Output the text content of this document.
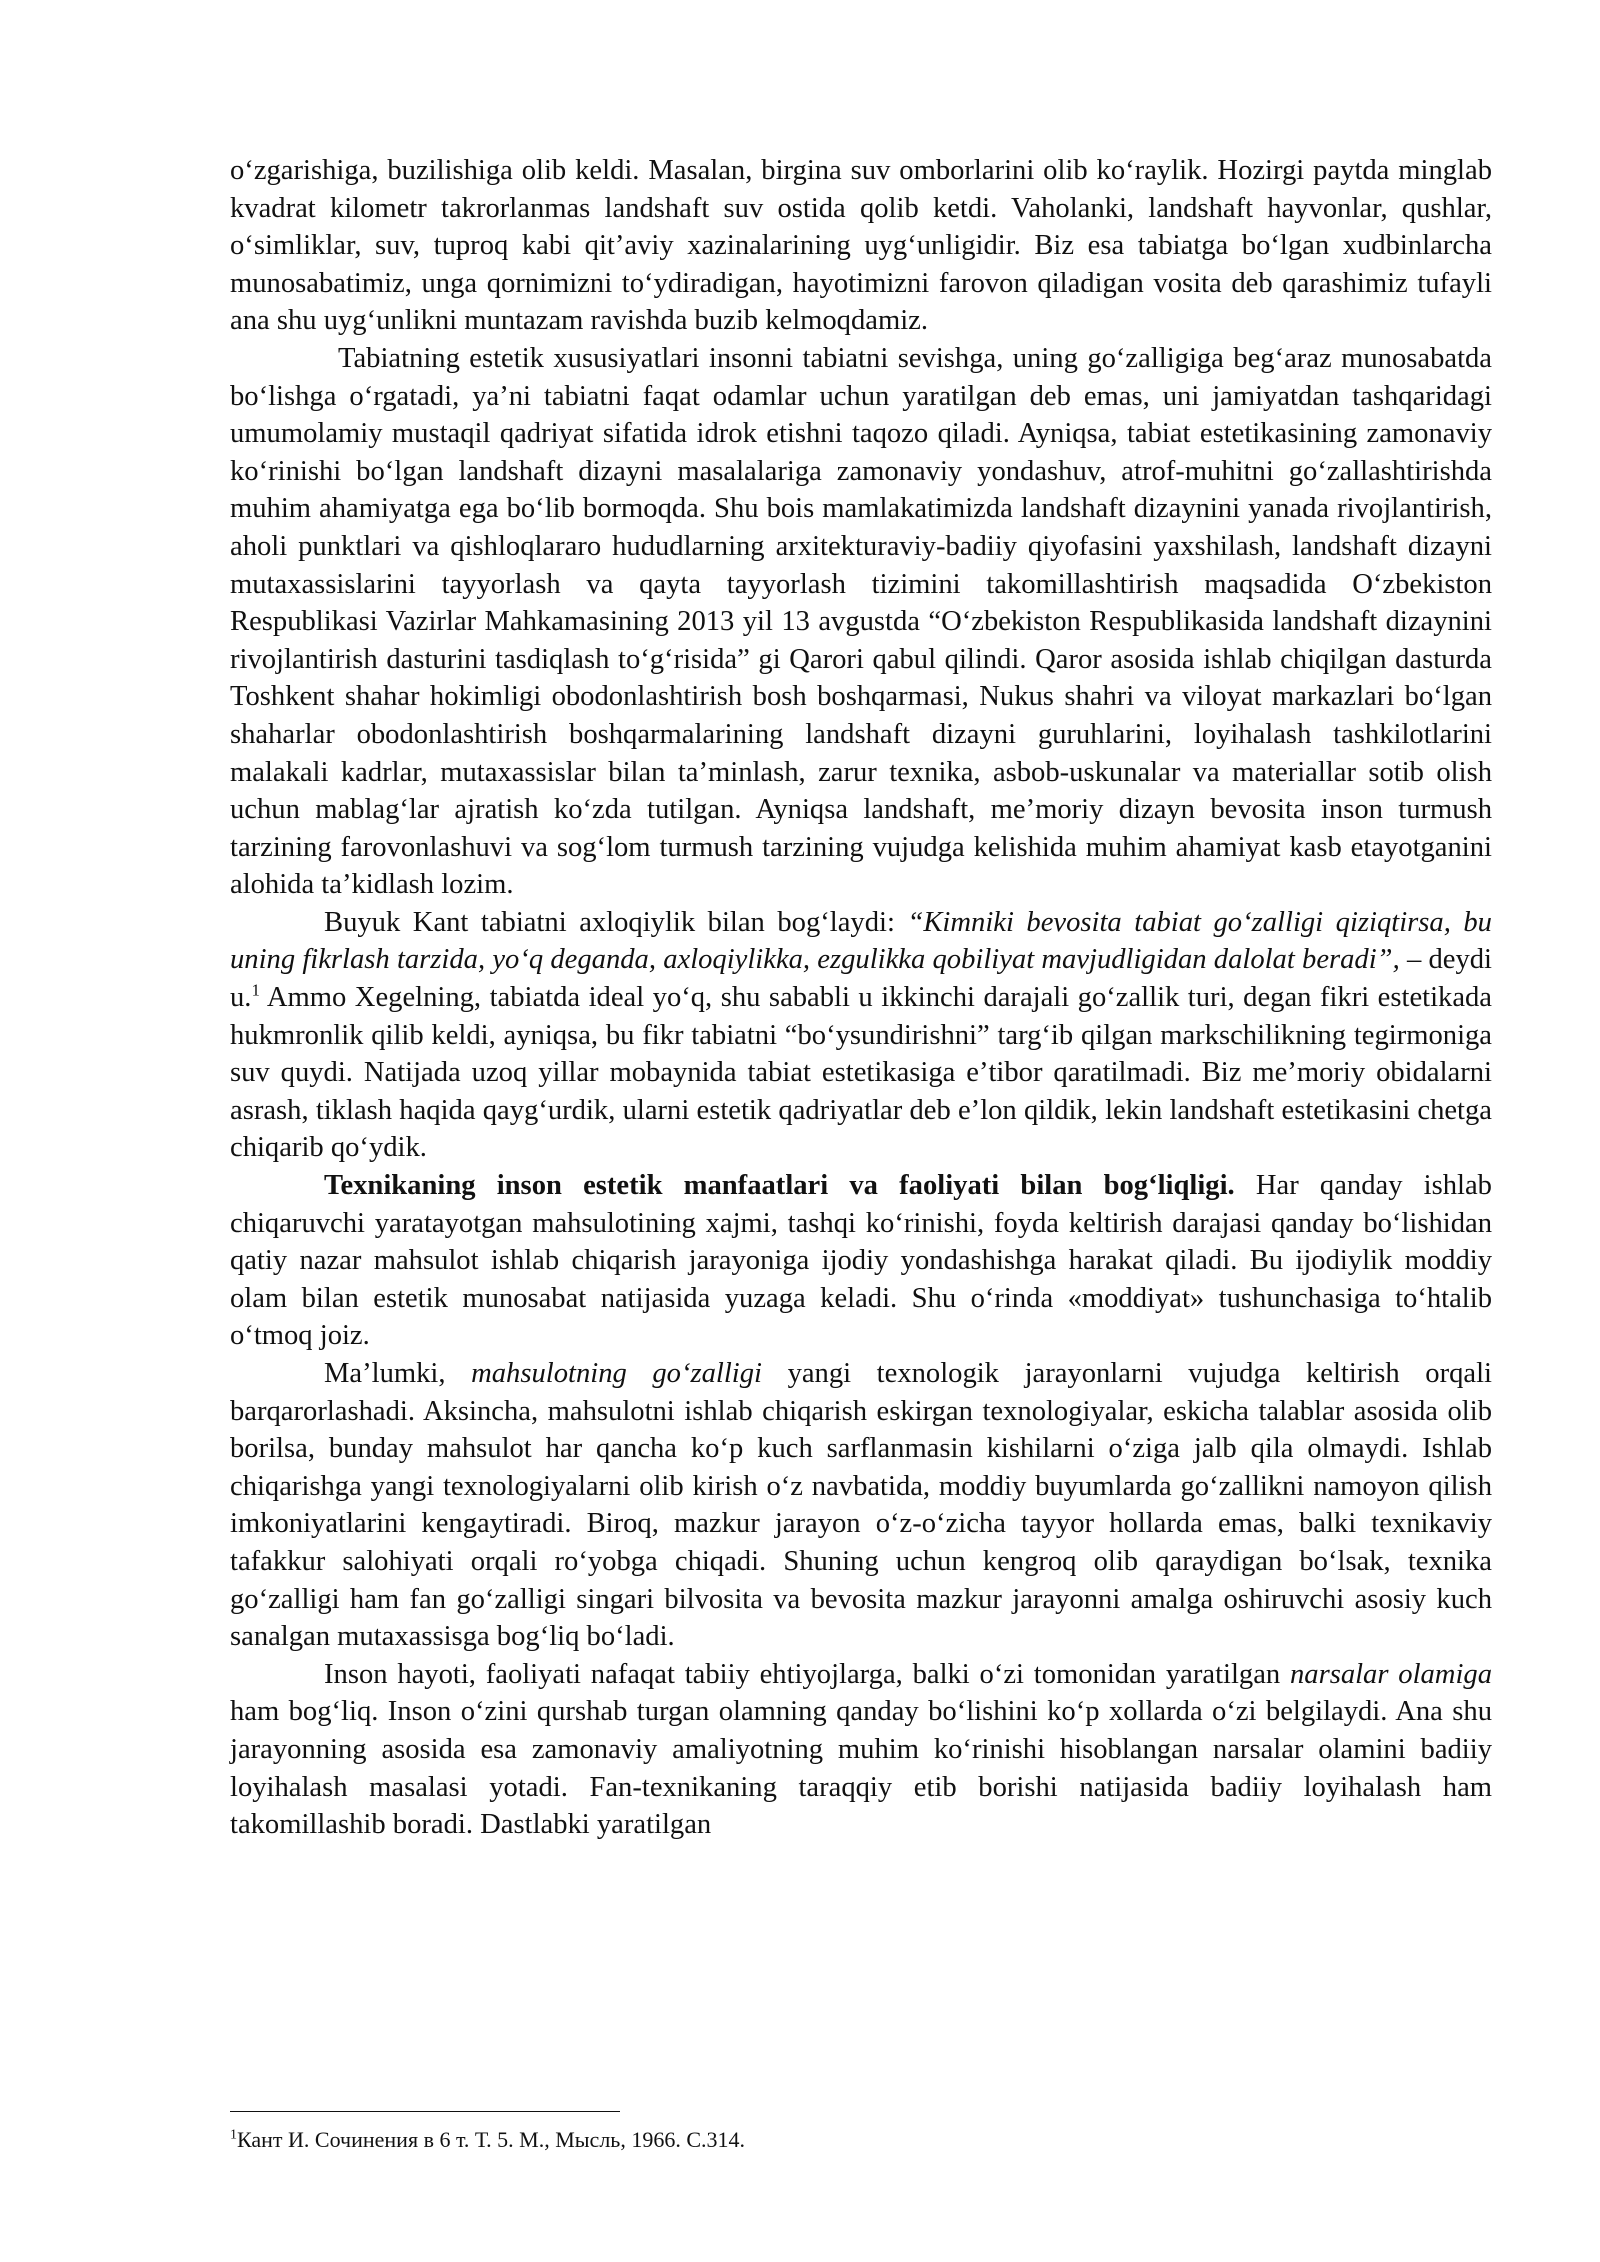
oʻzgarishiga, buzilishiga olib keldi. Masalan, birgina suv omborlarini olib koʻraylik. Hozirgi paytda minglab kvadrat kilometr takrorlanmas landshaft suv ostida qolib ketdi. Vaholanki, landshaft hayvonlar, qushlar, oʻsimliklar, suv, tuproq kabi qitʼaviy xazinalarining uygʻunligidir. Biz esa tabiatga boʻlgan xudbinlarcha munosabatimiz, unga qornimizni toʻydiradigan, hayotimizni farovon qiladigan vosita deb qarashimiz tufayli ana shu uygʻunlikni muntazam ravishda buzib kelmoqdamiz.

Tabiatning estetik xususiyatlari insonni tabiatni sevishga, uning goʻzalligiga begʻaraz munosabatda boʻlishga oʻrgatadi, yaʼni tabiatni faqat odamlar uchun yaratilgan deb emas, uni jamiyatdan tashqaridagi umumolamiy mustaqil qadriyat sifatida idrok etishni taqozo qiladi. Ayniqsa, tabiat estetikasining zamonaviy koʻrinishi boʻlgan landshaft dizayni masalalariga zamonaviy yondashuv, atrof-muhitni goʻzallashtirishda muhim ahamiyatga ega boʻlib bormoqda. Shu bois mamlakatimizda landshaft dizaynini yanada rivojlantirish, aholi punktlari va qishloqlararo hududlarning arxitekturaviy-badiiy qiyofasini yaxshilash, landshaft dizayni mutaxassislarini tayyorlash va qayta tayyorlash tizimini takomillashtirish maqsadida Oʻzbekiston Respublikasi Vazirlar Mahkamasining 2013 yil 13 avgustda “Oʻzbekiston Respublikasida landshaft dizaynini rivojlantirish dasturini tasdiqlash toʻgʻrisida” gi Qarori qabul qilindi. Qaror asosida ishlab chiqilgan dasturda Toshkent shahar hokimligi obodonlashtirish bosh boshqarmasi, Nukus shahri va viloyat markazlari boʻlgan shaharlar obodonlashtirish boshqarmalarining landshaft dizayni guruhlarini, loyihalash tashkilotlarini malakali kadrlar, mutaxassislar bilan taʼminlash, zarur texnika, asbob-uskunalar va materiallar sotib olish uchun mablagʻlar ajratish koʻzda tutilgan. Ayniqsa landshaft, meʼmoriy dizayn bevosita inson turmush tarzining farovonlashuvi va sogʻlom turmush tarzining vujudga kelishida muhim ahamiyat kasb etayotganini alohida taʼkidlash lozim.

Buyuk Kant tabiatni axloqiylik bilan bogʻlaydi: “Kimniki bevosita tabiat goʻzalligi qiziqtirsa, bu uning fikrlash tarzida, yoʻq deganda, axloqiylikka, ezgulikka qobiliyat mavjudligidan dalolat beradi”, – deydi u.$^1$ Ammo Xegelning, tabiatda ideal yoʻq, shu sababli u ikkinchi darajali goʻzallik turi, degan fikri estetikada hukmronlik qilib keldi, ayniqsa, bu fikr tabiatni “boʻysundirishni” targʻib qilgan markschilikning tegirmoniga suv quydi. Natijada uzoq yillar mobaynida tabiat estetikasiga eʼtibor qaratilmadi. Biz meʼmoriy obidalarni asrash, tiklash haqida qaygʻurdik, ularni estetik qadriyatlar deb eʼlon qildik, lekin landshaft estetikasini chetga chiqarib qoʻydik.

Texnikaning inson estetik manfaatlari va faoliyati bilan bogʻliqligi. Har qanday ishlab chiqaruvchi yaratayotgan mahsulotining xajmi, tashqi koʻrinishi, foyda keltirish darajasi qanday boʻlishidan qatiy nazar mahsulot ishlab chiqarish jarayoniga ijodiy yondashishga harakat qiladi. Bu ijodiylik moddiy olam bilan estetik munosabat natijasida yuzaga keladi. Shu oʻrinda «moddiyat» tushunchasiga toʻhtalib oʻtmoq joiz.

Maʼlumki, mahsulotning goʻzalligi yangi texnologik jarayonlarni vujudga keltirish orqali barqarorlashadi. Aksincha, mahsulotni ishlab chiqarish eskirgan texnologiyalar, eskicha talablar asosida olib borilsa, bunday mahsulot har qancha koʻp kuch sarflanmasin kishilarni oʻziga jalb qila olmaydi. Ishlab chiqarishga yangi texnologiyalarni olib kirish oʻz navbatida, moddiy buyumlarda goʻzallikni namoyon qilish imkoniyatlarini kengaytiradi. Biroq, mazkur jarayon oʻz-oʻzicha tayyor hollarda emas, balki texnikaviy tafakkur salohiyati orqali roʻyobga chiqadi. Shuning uchun kengroq olib qaraydigan boʻlsak, texnika goʻzalligi ham fan goʻzalligi singari bilvosita va bevosita mazkur jarayonni amalga oshiruvchi asosiy kuch sanalgan mutaxassisga bogʻliq boʻladi.

Inson hayoti, faoliyati nafaqat tabiiy ehtiyojlarga, balki oʻzi tomonidan yaratilgan narsalar olamiga ham bogʻliq. Inson oʻzini qurshab turgan olamning qanday boʻlishini koʻp xollarda oʻzi belgilaydi. Ana shu jarayonning asosida esa zamonaviy amaliyotning muhim koʻrinishi hisoblangan narsalar olamini badiiy loyihalash masalasi yotadi. Fan-texnikaning taraqqiy etib borishi natijasida badiiy loyihalash ham takomillashib boradi. Dastlabki yaratilgan

$^1$Кант И. Сочинения в 6 т. Т. 5. М., Мысль, 1966. С.314.
